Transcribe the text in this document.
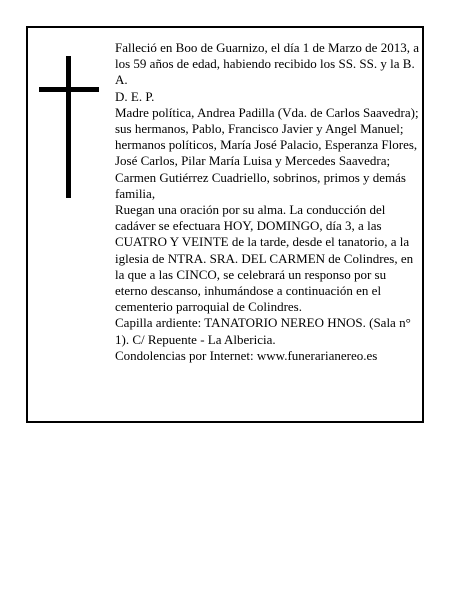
Falleció en Boo de Guarnizo, el día 1 de Marzo de 2013, a los 59 años de edad, habiendo recibido los SS. SS. y la B. A.

D. E. P.

Madre política, Andrea Padilla (Vda. de Carlos Saavedra); sus hermanos, Pablo, Francisco Javier y Angel Manuel; hermanos políticos, María José Palacio, Esperanza Flores, José Carlos, Pilar María Luisa y Mercedes Saavedra; Carmen Gutiérrez Cuadriello, sobrinos, primos y demás familia,

Ruegan una oración por su alma. La conducción del cadáver se efectuara HOY, DOMINGO, día 3, a las CUATRO Y VEINTE de la tarde, desde el tanatorio, a la iglesia de NTRA. SRA. DEL CARMEN de Colindres, en la que a las CINCO, se celebrará un responso por su eterno descanso, inhumándose a continuación en el cementerio parroquial de Colindres.

Capilla ardiente: TANATORIO NEREO HNOS. (Sala n° 1). C/ Repuente - La Albericia.

Condolencias por Internet: www.funerarianereo.es
